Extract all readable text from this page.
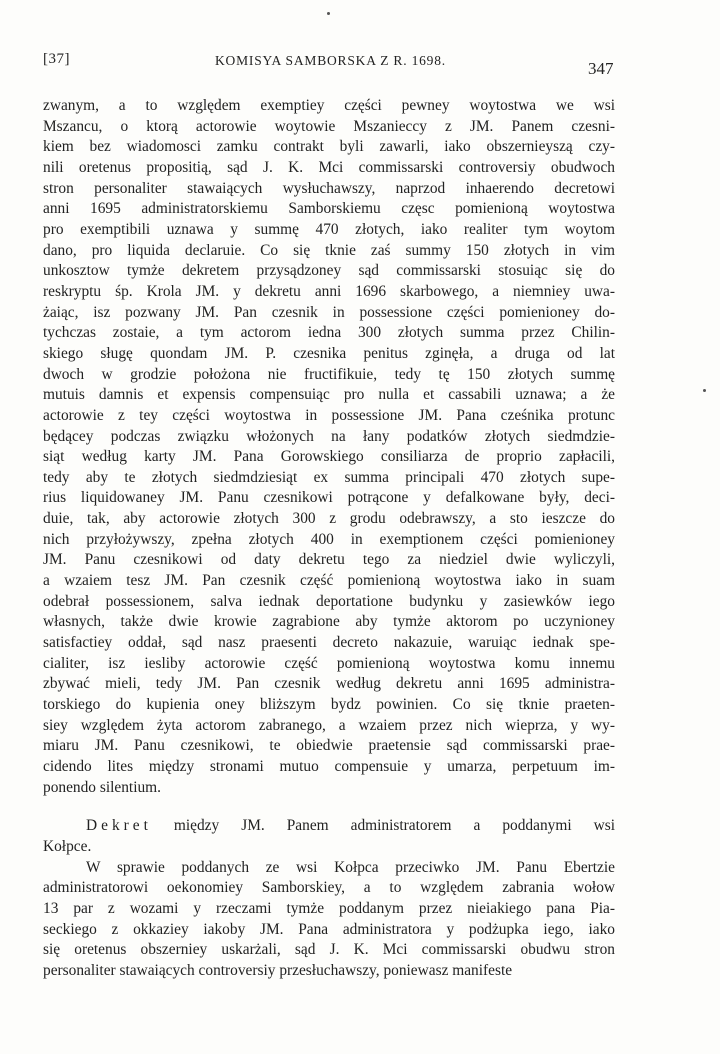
[37]	KOMISYA SAMBORSKA Z R. 1698.	347
zwanym, a to względem exemptiey części pewney woytostwa we wsi
Mszancu, o ktorą actorowie woytowie Mszanieccy z JM. Panem czesni-
kiem bez wiadomosci zamku contrakt byli zawarli, iako obszernieyszą czy-
nili oretenus propositią, sąd J. K. Mci commissarski controversiy obudwoch
stron personaliter stawaiących wysłuchawszy, naprzod inhaerendo decretowi
anni 1695 administratorskiemu Samborskiemu częsc pomienioną woytostwa
pro exemptibili uznawa y summę 470 złotych, iako realiter tym woytom
dano, pro liquida declaruie. Co się tknie zaś summy 150 złotych in vim
unkosztow tymże dekretem przysądzoney sąd commissarski stosuiąc się do
reskryptu śp. Krola JM. y dekretu anni 1696 skarbowego, a niemniey uwa-
żaiąc, isz pozwany JM. Pan czesnik in possessione części pomienioney do-
tychczas zostaie, a tym actorom iedna 300 złotych summa przez Chilin-
skiego sługę quondam JM. P. czesnika penitus zginęła, a druga od lat
dwoch w grodzie położona nie fructifikuie, tedy tę 150 złotych summę
mutuis damnis et expensis compensuiąc pro nulla et cassabili uznawa; a że
actorowie z tey części woytostwa in possessione JM. Pana cześnika protunc
będącey podczas związku włożonych na łany podatków złotych siedmdzie-
siąt według karty JM. Pana Gorowskiego consiliarza de proprio zapłacili,
tedy aby te złotych siedmdziesiąt ex summa principali 470 złotych supe-
rius liquidowaney JM. Panu czesnikowi potrącone y defalkowane były, deci-
duie, tak, aby actorowie złotych 300 z grodu odebrawszy, a sto ieszcze do
nich przyłożywszy, zpełna złotych 400 in exemptionem części pomienioney
JM. Panu czesnikowi od daty dekretu tego za niedziel dwie wyliczyli,
a wzaiem tesz JM. Pan czesnik część pomienioną woytostwa iako in suam
odebrał possessionem, salva iednak deportatione budynku y zasiewków iego
własnych, także dwie krowie zagrabione aby tymże aktorom po uczynioney
satisfactiey oddał, sąd nasz praesenti decreto nakazuie, waruiąc iednak spe-
cialiter, isz iesliby actorowie część pomienioną woytostwa komu innemu
zbywać mieli, tedy JM. Pan czesnik według dekretu anni 1695 administra-
torskiego do kupienia oney bliższym bydz powinien. Co się tknie praeten-
siey względem żyta actorom zabranego, a wzaiem przez nich wieprza, y wy-
miaru JM. Panu czesnikowi, te obiedwie praetensie sąd commissarski prae-
cidendo lites między stronami mutuo compensuie y umarza, perpetuum im-
ponendo silentium.
Dekret między JM. Panem administratorem a poddanymi wsi
Kołpce.
W sprawie poddanych ze wsi Kołpca przeciwko JM. Panu Ebertzie
administratorowi oekonomiey Samborskiey, a to względem zabrania wołow
13 par z wozami y rzeczami tymże poddanym przez nieiakiego pana Pia-
seckiego z okkaziey iakoby JM. Pana administratora y podżupka iego, iako
się oretenus obszerniey uskarżali, sąd J. K. Mci commissarski obudwu stron
personaliter stawaiących controversiy przesłuchawszy, poniewasz manifeste
